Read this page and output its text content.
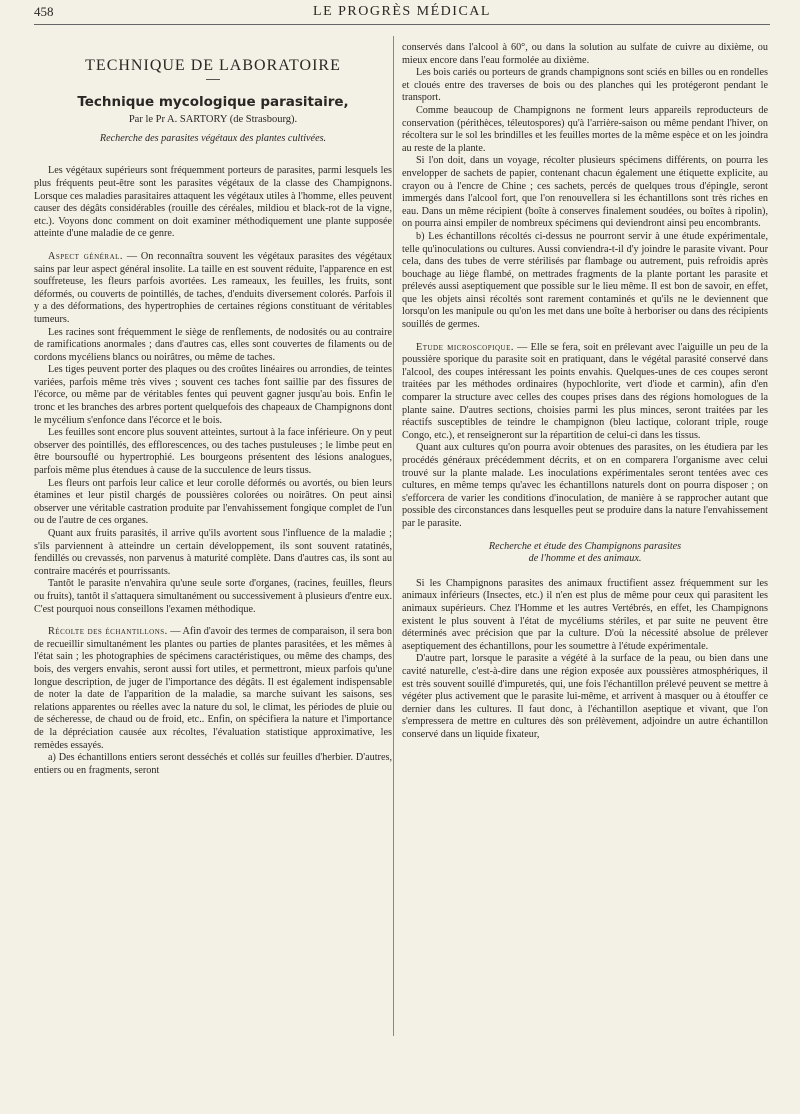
458	LE PROGRÈS MÉDICAL
TECHNIQUE DE LABORATOIRE
Technique mycologique parasitaire,
Par le Pr A. SARTORY (de Strasbourg).
Recherche des parasites végétaux des plantes cultivées.

Les végétaux supérieurs sont fréquemment porteurs de parasites, parmi lesquels les plus fréquents peut-être sont les parasites végétaux de la classe des Champignons. Lorsque ces maladies parasitaires attaquent les végétaux utiles à l'homme, elles peuvent causer des dégâts considérables (rouille des céréales, mildiou et black-rot de la vigne, etc.). Voyons donc comment on doit examiner méthodiquement une plante supposée atteinte d'une maladie de ce genre.

Aspect général. — On reconnaîtra souvent les végétaux parasites des végétaux sains par leur aspect général insolite. La taille en est souvent réduite, l'apparence en est souffreteuse, les fleurs parfois avortées. Les rameaux, les feuilles, les fruits, sont déformés, ou couverts de pointillés, de taches, d'enduits diversement colorés. Parfois il y a des déformations, des hypertrophies de certaines régions constituant de véritables tumeurs.

Les racines sont fréquemment le siège de renflements, de nodosités ou au contraire de ramifications anormales ; dans d'autres cas, elles sont couvertes de filaments ou de cordons mycéliens blancs ou noirâtres, ou même de taches.

Les tiges peuvent porter des plaques ou des croûtes linéaires ou arrondies, de teintes variées, parfois même très vives ; souvent ces taches font saillie par des fissures de l'écorce, ou même par de véritables fentes qui peuvent gagner jusqu'au bois. Enfin le tronc et les branches des arbres portent quelquefois des chapeaux de Champignons dont le mycélium s'enfonce dans l'écorce et le bois.

Les feuilles sont encore plus souvent atteintes, surtout à la face inférieure. On y peut observer des pointillés, des efflorescences, ou des taches pustuleuses ; le limbe peut en être boursouflé ou hypertrophié. Les bourgeons présentent des lésions analogues, parfois même plus étendues à cause de la succulence de leurs tissus.

Les fleurs ont parfois leur calice et leur corolle déformés ou avortés, ou bien leurs étamines et leur pistil chargés de poussières colorées ou noirâtres. On peut ainsi observer une véritable castration produite par l'envahissement fongique complet de l'un ou de l'autre de ces organes.

Quant aux fruits parasités, il arrive qu'ils avortent sous l'influence de la maladie ; s'ils parviennent à atteindre un certain développement, ils sont souvent ratatinés, fendillés ou crevassés, non parvenus à maturité complète. Dans d'autres cas, ils sont au contraire macérés et pourrissants.

Tantôt le parasite n'envahira qu'une seule sorte d'organes, (racines, feuilles, fleurs ou fruits), tantôt il s'attaquera simultanément ou successivement à plusieurs d'entre eux. C'est pourquoi nous conseillons l'examen méthodique.

Récolte des échantillons. — Afin d'avoir des termes de comparaison, il sera bon de recueillir simultanément les plantes ou parties de plantes parasitées, et les mêmes à l'état sain ; les photographies de spécimens caractéristiques, ou même des champs, des bois, des vergers envahis, seront aussi fort utiles, et permettront, mieux parfois qu'une longue description, de juger de l'importance des dégâts. Il est également indispensable de noter la date de l'apparition de la maladie, sa marche suivant les saisons, ses relations apparentes ou réelles avec la nature du sol, le climat, les périodes de pluie ou de sécheresse, de chaud ou de froid, etc.. Enfin, on spécifiera la nature et l'importance de la dépréciation causée aux récoltes, l'évaluation statistique approximative, les remèdes essayés.

a) Des échantillons entiers seront desséchés et collés sur feuilles d'herbier. D'autres, entiers ou en fragments, seront

conservés dans l'alcool à 60°, ou dans la solution au sulfate de cuivre au dixième, ou mieux encore dans l'eau formolée au dixième.

Les bois cariés ou porteurs de grands champignons sont sciés en billes ou en rondelles et cloués entre des traverses de bois ou des planches qui les protégeront pendant le transport.

Comme beaucoup de Champignons ne forment leurs appareils reproducteurs de conservation (périthèces, téleutospores) qu'à l'arrière-saison ou même pendant l'hiver, on récoltera sur le sol les brindilles et les feuilles mortes de la même espèce et on les joindra au reste de la plante.

Si l'on doit, dans un voyage, récolter plusieurs spécimens différents, on pourra les envelopper de sachets de papier, contenant chacun également une étiquette explicite, au crayon ou à l'encre de Chine ; ces sachets, percés de quelques trous d'épingle, seront immergés dans l'alcool fort, que l'on renouvellera si les échantillons sont très riches en eau. Dans un même récipient (boîte à conserves finalement soudées, ou boîtes à ripolin), on pourra ainsi empiler de nombreux spécimens qui deviendront ainsi peu encombrants.

b) Les échantillons récoltés ci-dessus ne pourront servir à une étude expérimentale, telle qu'inoculations ou cultures. Aussi conviendra-t-il d'y joindre le parasite vivant. Pour cela, dans des tubes de verre stérilisés par flambage ou autrement, puis refroidis après bouchage au liège flambé, on mettrades fragments de la plante portant les parasite et prélevés aussi aseptiquement que possible sur le lieu même. Il est bon de savoir, en effet, que les objets ainsi récoltés sont rarement contaminés et qu'ils ne le deviennent que lorsqu'on les manipule ou qu'on les met dans une boîte à herboriser ou dans des récipients souillés de germes.

Etude microscopique. — Elle se fera, soit en prélevant avec l'aiguille un peu de la poussière sporique du parasite soit en pratiquant, dans le végétal parasité conservé dans l'alcool, des coupes intéressant les points envahis. Quelques-unes de ces coupes seront traitées par les méthodes ordinaires (hypochlorite, vert d'iode et carmin), afin d'en comparer la structure avec celles des coupes prises dans des régions homologues de la plante saine. D'autres sections, choisies parmi les plus minces, seront traitées par les réactifs susceptibles de teindre le champignon (bleu lactique, colorant triple, rouge Congo, etc.), et renseigneront sur la répartition de celui-ci dans les tissus.

Quant aux cultures qu'on pourra avoir obtenues des parasites, on les étudiera par les procédés généraux précédemment décrits, et on en comparera l'organisme avec celui trouvé sur la plante malade. Les inoculations expérimentales seront tentées avec ces cultures, en même temps qu'avec les échantillons naturels dont on pourra disposer ; on s'efforcera de varier les conditions d'inoculation, de manière à se rapprocher autant que possible des circonstances dans lesquelles peut se produire dans la nature l'envahissement par le parasite.

Recherche et étude des Champignons parasites
de l'homme et des animaux.

Si les Champignons parasites des animaux fructifient assez fréquemment sur les animaux inférieurs (Insectes, etc.) il n'en est plus de même pour ceux qui parasitent les animaux supérieurs. Chez l'Homme et les autres Vertébrés, en effet, les Champignons existent le plus souvent à l'état de mycéliums stériles, et par suite ne peuvent être déterminés avec précision que par la culture. D'où la nécessité absolue de prélever aseptiquement des échantillons, pour les soumettre à l'étude expérimentale.

D'autre part, lorsque le parasite a végété à la surface de la peau, ou bien dans une cavité naturelle, c'est-à-dire dans une région exposée aux poussières atmosphériques, il est très souvent souillé d'impuretés, qui, une fois l'échantillon prélevé peuvent se mettre à végéter plus activement que le parasite lui-même, et arrivent à masquer ou à étouffer ce dernier dans les cultures. Il faut donc, à l'échantillon aseptique et vivant, que l'on s'empressera de mettre en cultures dès son prélèvement, adjoindre un autre échantillon conservé dans un liquide fixateur,
